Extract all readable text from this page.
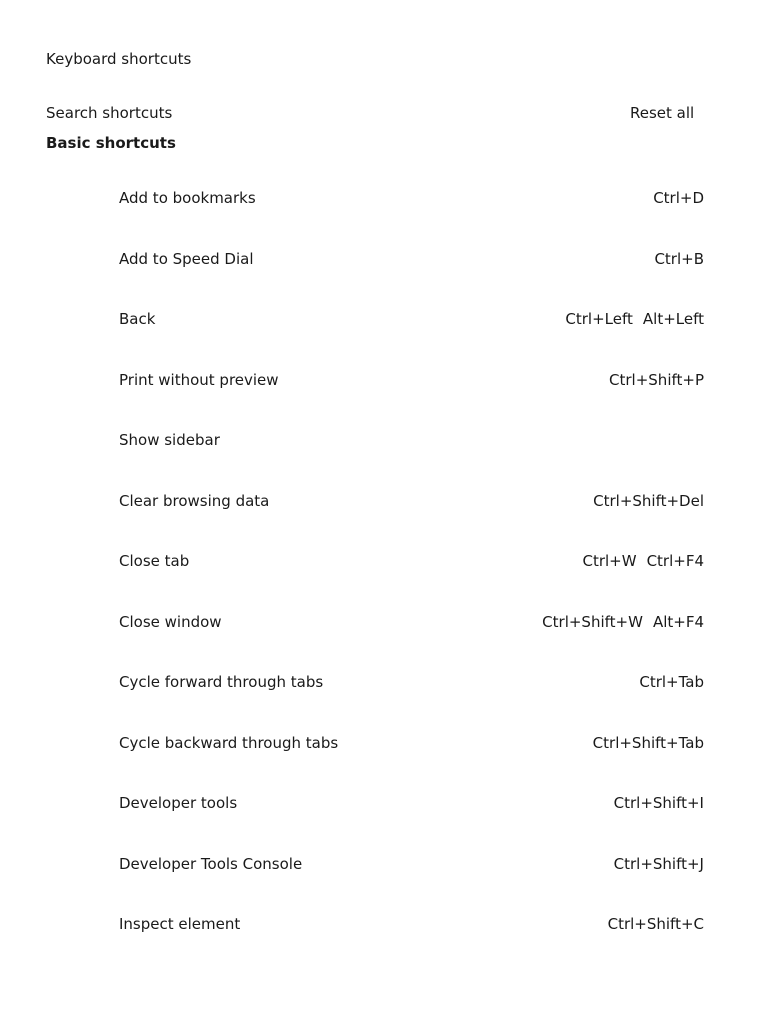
Keyboard shortcuts
Search shortcuts	Reset all
Basic shortcuts
Add to bookmarks	Ctrl+D
Add to Speed Dial	Ctrl+B
Back	Ctrl+Left Alt+Left
Print without preview	Ctrl+Shift+P
Show sidebar
Clear browsing data	Ctrl+Shift+Del
Close tab	Ctrl+W Ctrl+F4
Close window	Ctrl+Shift+W Alt+F4
Cycle forward through tabs	Ctrl+Tab
Cycle backward through tabs	Ctrl+Shift+Tab
Developer tools	Ctrl+Shift+I
Developer Tools Console	Ctrl+Shift+J
Inspect element	Ctrl+Shift+C
